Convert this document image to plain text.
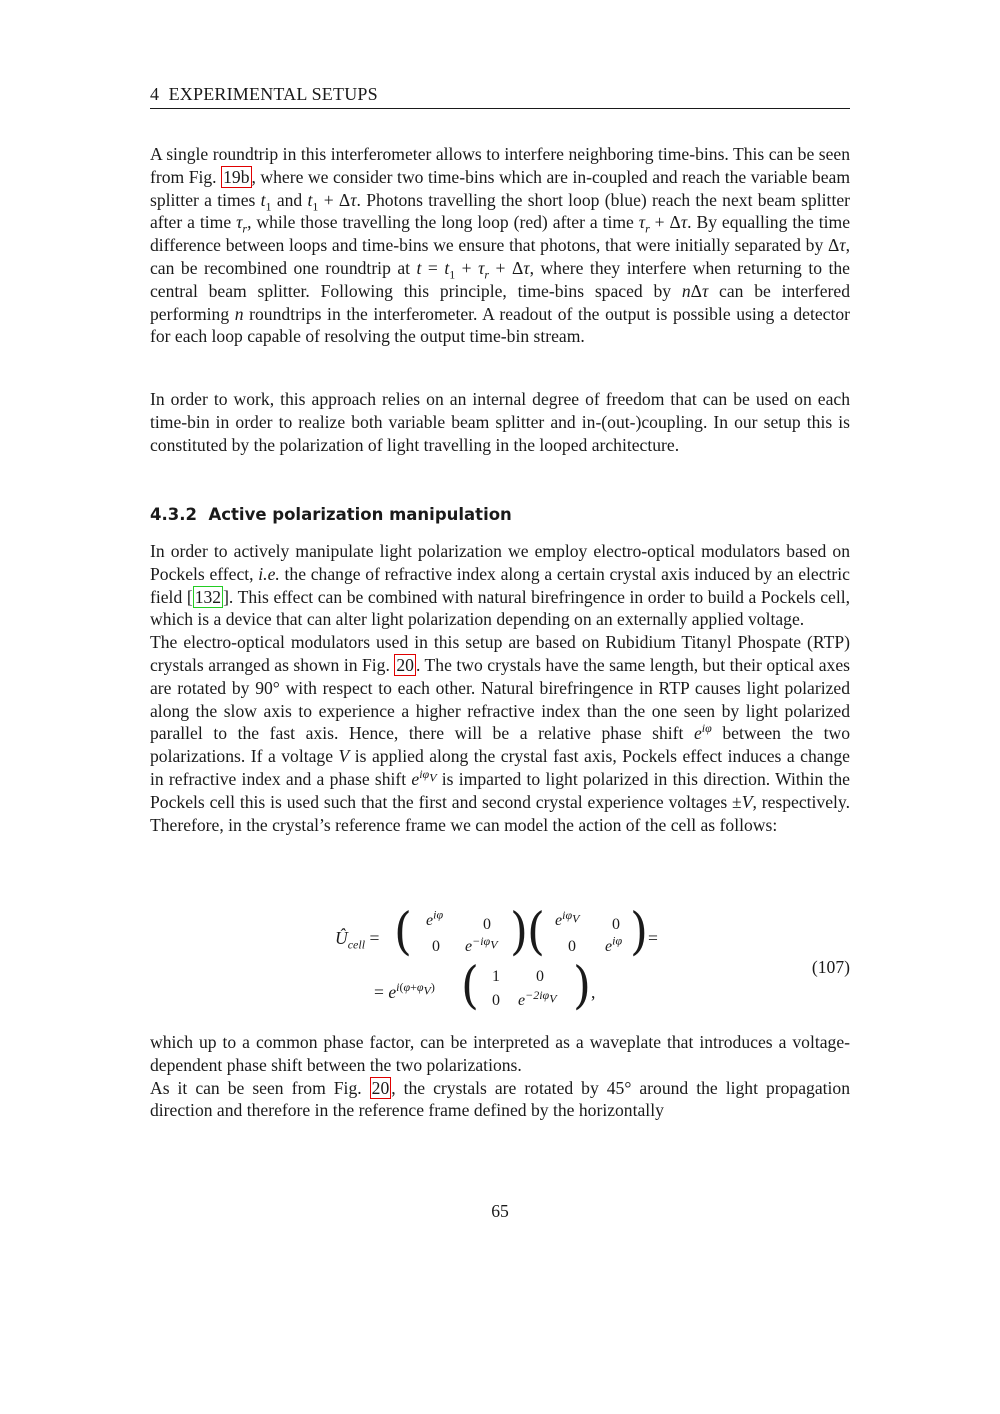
4 EXPERIMENTAL SETUPS

A single roundtrip in this interferometer allows to interfere neighboring time-bins. This can be seen from Fig. 19b , where we consider two time-bins which are in-coupled and reach the variable beam splitter a times $t_1$ and $t_1 + \Delta\tau$. Photons travelling the short loop (blue) reach the next beam splitter after a time $\tau_r$, while those travelling the long loop (red) after a time $\tau_r + \Delta\tau$. By equalling the time difference between loops and time-bins we ensure that photons, that were initially separated by Δτ, can be recombined one roundtrip at $t = t_1 + \tau_r + \Delta\tau$, where they interfere when returning to the central beam splitter. Following this principle, time-bins spaced by nΔτ can be interfered performing n roundtrips in the interferometer. A readout of the output is possible using a detector for each loop capable of resolving the output time-bin stream.

In order to work, this approach relies on an internal degree of freedom that can be used on each time-bin in order to realize both variable beam splitter and in-(out-)coupling. In our setup this is constituted by the polarization of light travelling in the looped architecture.

4.3.2 Active polarization manipulation

In order to actively manipulate light polarization we employ electro-optical modulators based on Pockels effect, i.e. the change of refractive index along a certain crystal axis induced by an electric field [ 132 ]. This effect can be combined with natural birefringence in order to build a Pockels cell, which is a device that can alter light polarization depending on an externally applied voltage.
The electro-optical modulators used in this setup are based on Rubidium Titanyl Phospate (RTP) crystals arranged as shown in Fig. 20 . The two crystals have the same length, but their optical axes are rotated by 90° with respect to each other. Natural birefringence in RTP causes light polarized along the slow axis to experience a higher refractive index than the one seen by light polarized parallel to the fast axis. Hence, there will be a relative phase shift $e^{i\varphi}$ between the two polarizations. If a voltage V is applied along the crystal fast axis, Pockels effect induces a change in refractive index and a phase shift $e^{i\varphi_V}$ is imparted to light polarized in this direction. Within the Pockels cell this is used such that the first and second crystal experience voltages ±V, respectively. Therefore, in the crystal’s reference frame we can model the action of the cell as follows:

$Û_{cell}$ = ( $e^{i\varphi}$
0
0 $e^{-i\varphi_V}$ ) ( $e^{i\varphi_V}$ 0
0 $e^{i\varphi}$ ) =
= $e^{i(\varphi+\varphi_V)}$ ( 1 0
0 $e^{-2i\varphi_V}$ ) ,
(107)

which up to a common phase factor, can be interpreted as a waveplate that introduces a voltage-dependent phase shift between the two polarizations.
As it can be seen from Fig. 20 , the crystals are rotated by 45° around the light propagation direction and therefore in the reference frame defined by the horizontally

65
